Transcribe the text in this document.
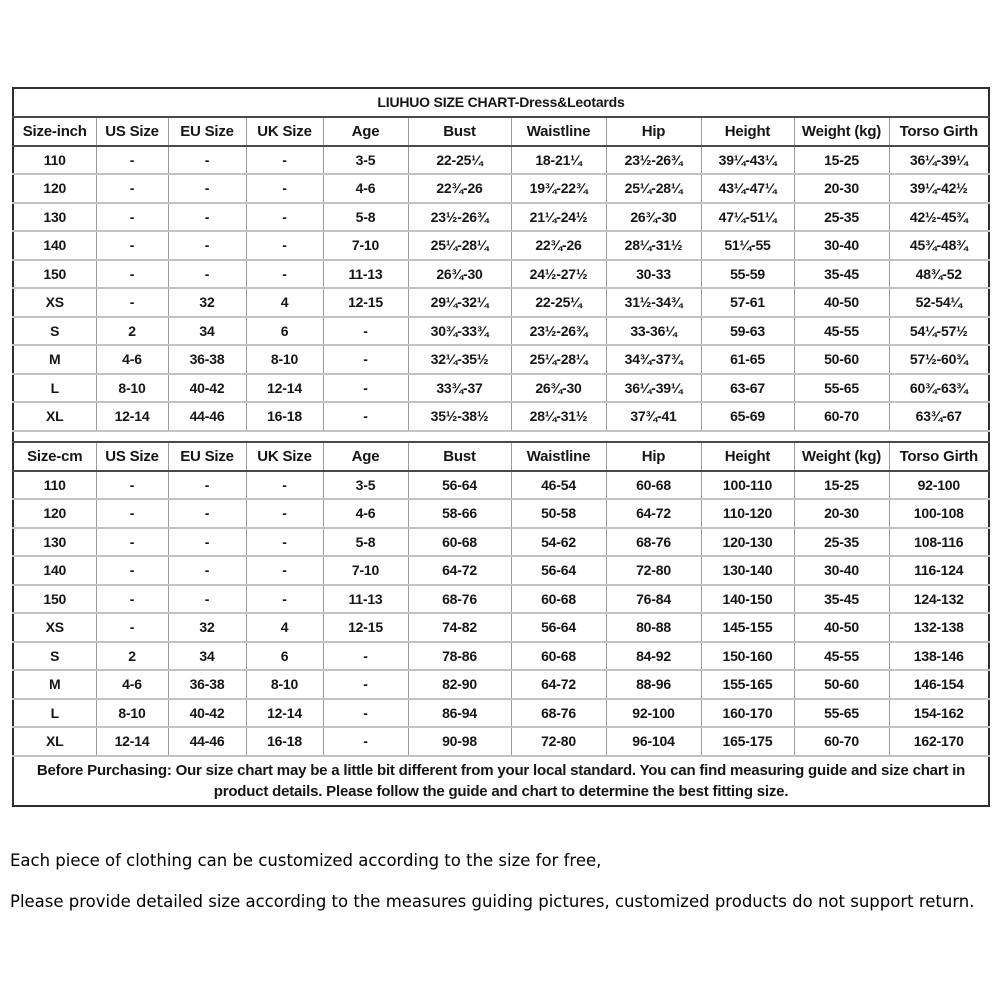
LIUHUO SIZE CHART-Dress&Leotards										
Size-inch	US Size	EU Size	UK Size	Age	Bust	Waistline	Hip	Height	Weight (kg)	Torso Girth
110	-	-	-	3-5	22-25¼	18-21¼	23½-26¾	39¼-43¼	15-25	36¼-39¼
120	-	-	-	4-6	22¾-26	19¾-22¾	25¼-28¼	43¼-47¼	20-30	39¼-42½
130	-	-	-	5-8	23½-26¾	21¼-24½	26¾-30	47¼-51¼	25-35	42½-45¾
140	-	-	-	7-10	25¼-28¼	22¾-26	28¼-31½	51¼-55	30-40	45¾-48¾
150	-	-	-	11-13	26¾-30	24½-27½	30-33	55-59	35-45	48¾-52
XS	-	32	4	12-15	29¼-32¼	22-25¼	31½-34¾	57-61	40-50	52-54¼
S	2	34	6	-	30¾-33¾	23½-26¾	33-36¼	59-63	45-55	54¼-57½
M	4-6	36-38	8-10	-	32¼-35½	25¼-28¼	34¾-37¾	61-65	50-60	57½-60¾
L	8-10	40-42	12-14	-	33¾-37	26¾-30	36¼-39¼	63-67	55-65	60¾-63¾
XL	12-14	44-46	16-18	-	35½-38½	28¼-31½	37¾-41	65-69	60-70	63¾-67

Size-cm	US Size	EU Size	UK Size	Age	Bust	Waistline	Hip	Height	Weight (kg)	Torso Girth
110	-	-	-	3-5	56-64	46-54	60-68	100-110	15-25	92-100
120	-	-	-	4-6	58-66	50-58	64-72	110-120	20-30	100-108
130	-	-	-	5-8	60-68	54-62	68-76	120-130	25-35	108-116
140	-	-	-	7-10	64-72	56-64	72-80	130-140	30-40	116-124
150	-	-	-	11-13	68-76	60-68	76-84	140-150	35-45	124-132
XS	-	32	4	12-15	74-82	56-64	80-88	145-155	40-50	132-138
S	2	34	6	-	78-86	60-68	84-92	150-160	45-55	138-146
M	4-6	36-38	8-10	-	82-90	64-72	88-96	155-165	50-60	146-154
L	8-10	40-42	12-14	-	86-94	68-76	92-100	160-170	55-65	154-162
XL	12-14	44-46	16-18	-	90-98	72-80	96-104	165-175	60-70	162-170
Before Purchasing: Our size chart may be a little bit different from your local standard. You can find measuring guide and size chart in product details. Please follow the guide and chart to determine the best fitting size.										

Each piece of clothing can be customized according to the size for free,

Please provide detailed size according to the measures guiding pictures, customized products do not support return.
